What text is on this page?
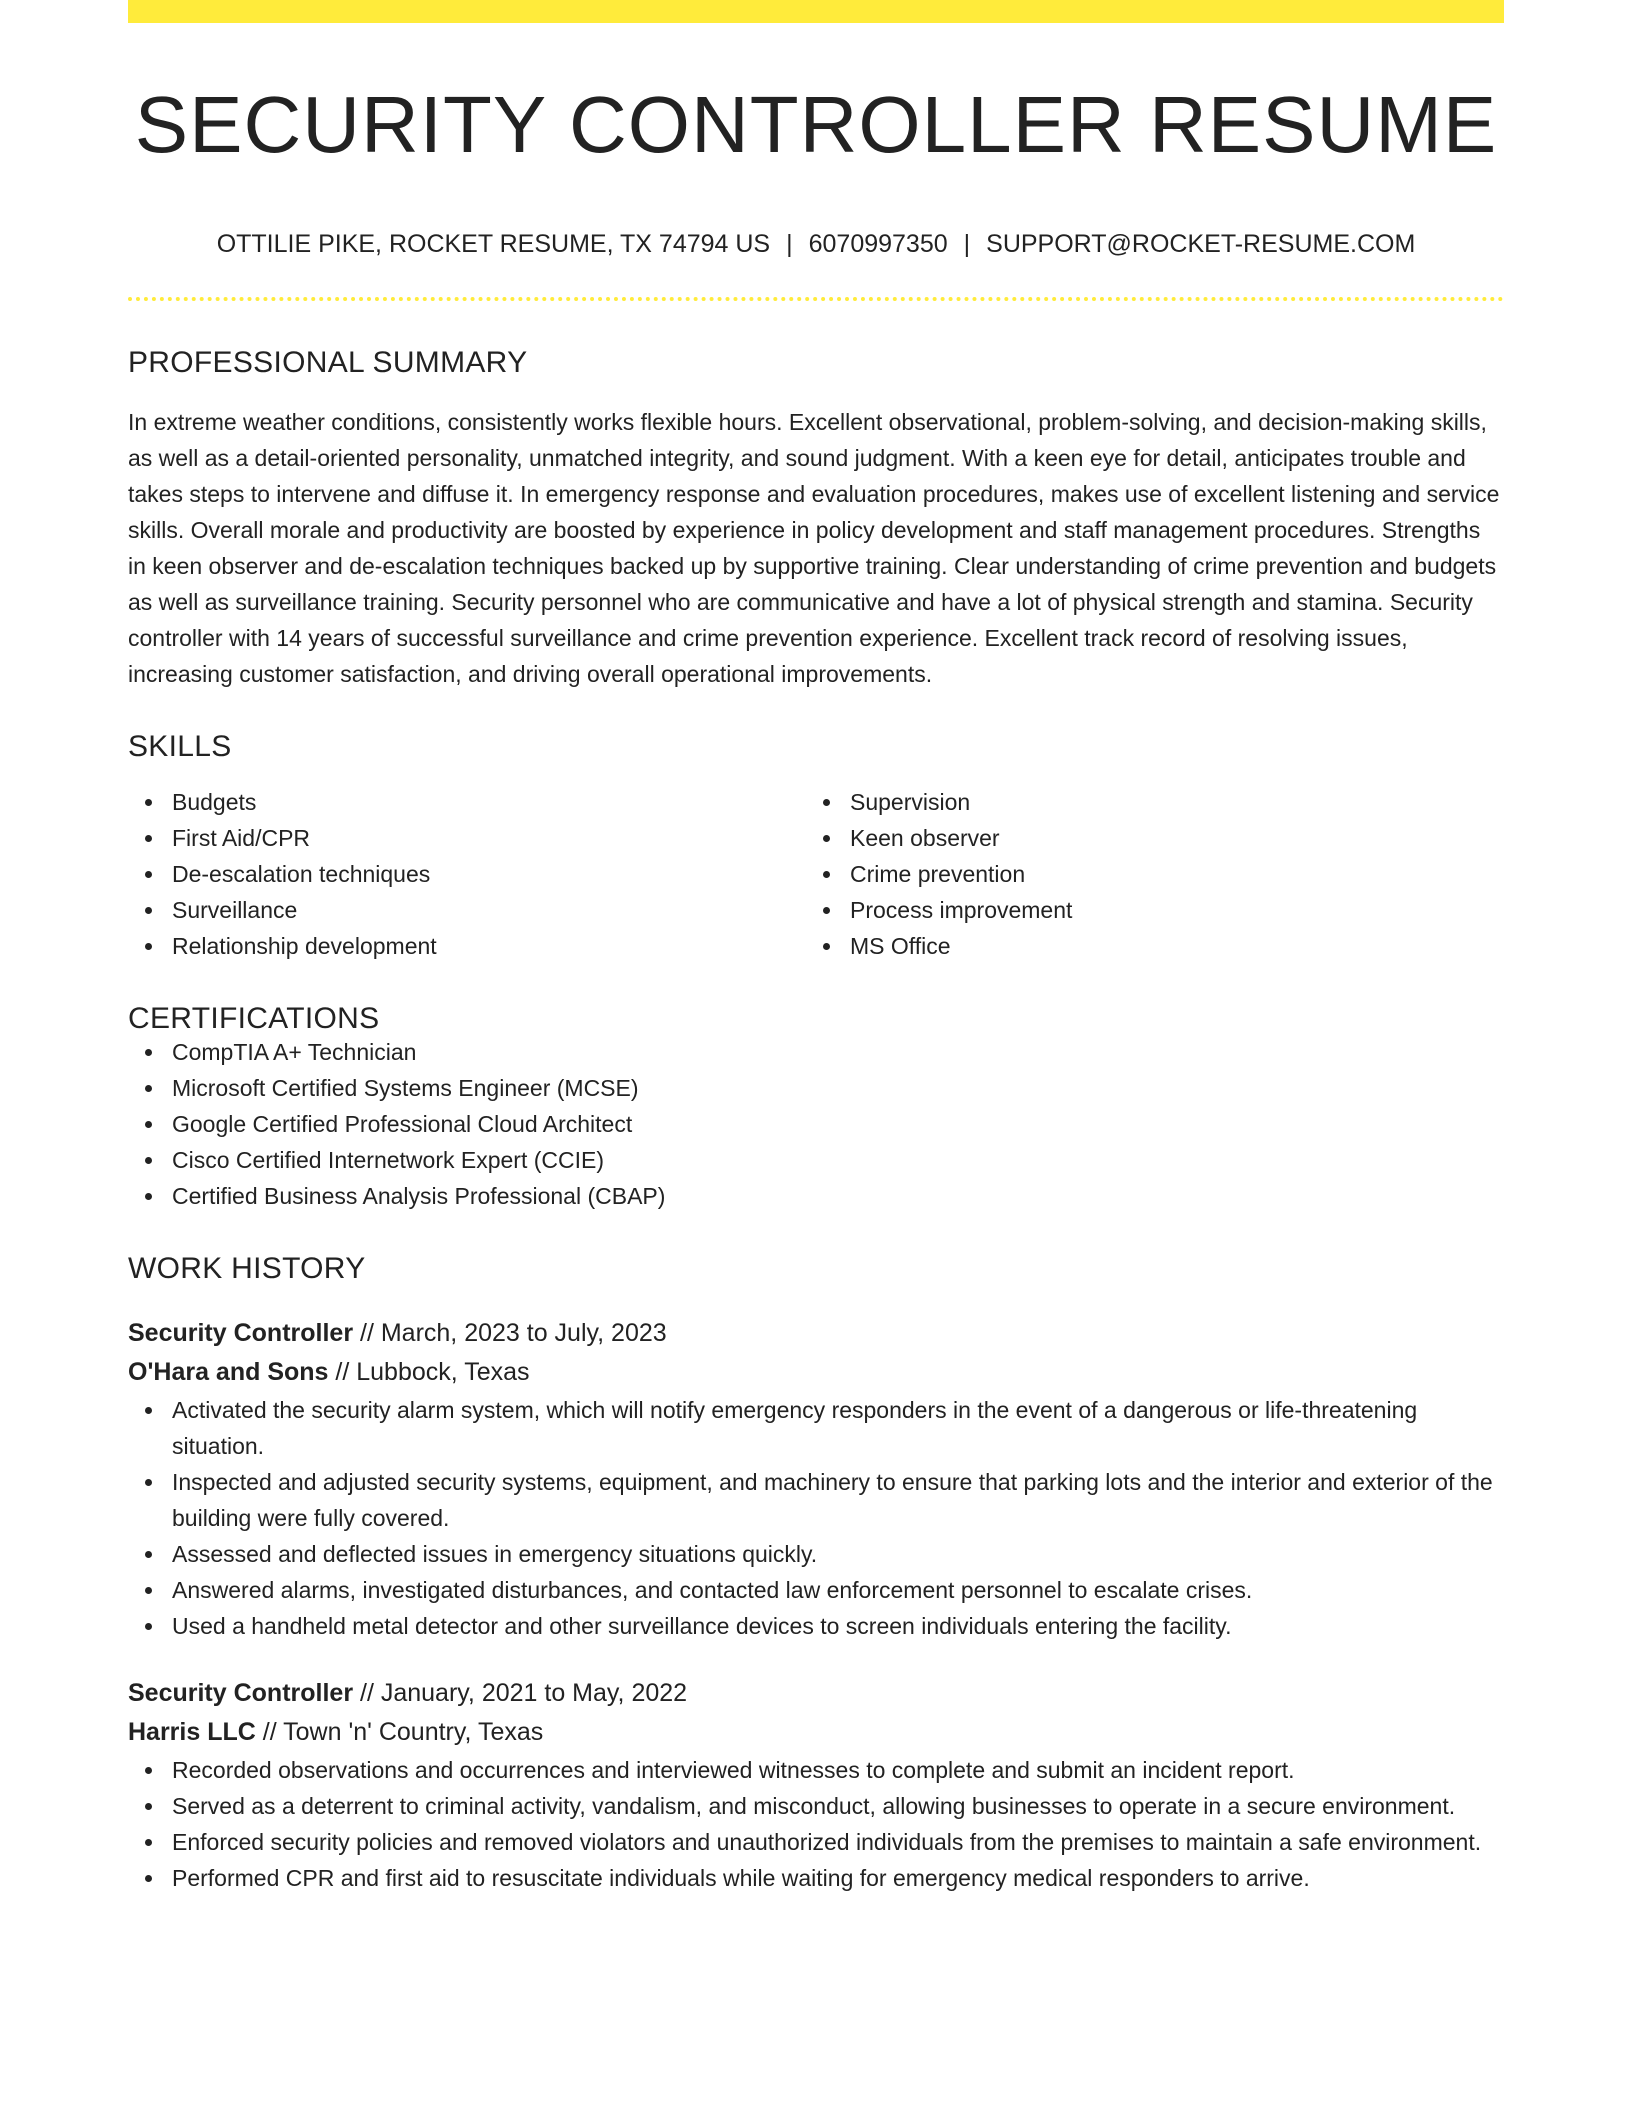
SECURITY CONTROLLER RESUME
OTTILIE PIKE, ROCKET RESUME, TX 74794 US | 6070997350 | SUPPORT@ROCKET-RESUME.COM
PROFESSIONAL SUMMARY
In extreme weather conditions, consistently works flexible hours. Excellent observational, problem-solving, and decision-making skills, as well as a detail-oriented personality, unmatched integrity, and sound judgment. With a keen eye for detail, anticipates trouble and takes steps to intervene and diffuse it. In emergency response and evaluation procedures, makes use of excellent listening and service skills. Overall morale and productivity are boosted by experience in policy development and staff management procedures. Strengths in keen observer and de-escalation techniques backed up by supportive training. Clear understanding of crime prevention and budgets as well as surveillance training. Security personnel who are communicative and have a lot of physical strength and stamina. Security controller with 14 years of successful surveillance and crime prevention experience. Excellent track record of resolving issues, increasing customer satisfaction, and driving overall operational improvements.
SKILLS
Budgets
First Aid/CPR
De-escalation techniques
Surveillance
Relationship development
Supervision
Keen observer
Crime prevention
Process improvement
MS Office
CERTIFICATIONS
CompTIA A+ Technician
Microsoft Certified Systems Engineer (MCSE)
Google Certified Professional Cloud Architect
Cisco Certified Internetwork Expert (CCIE)
Certified Business Analysis Professional (CBAP)
WORK HISTORY
Security Controller // March, 2023 to July, 2023
O'Hara and Sons // Lubbock, Texas
Activated the security alarm system, which will notify emergency responders in the event of a dangerous or life-threatening situation.
Inspected and adjusted security systems, equipment, and machinery to ensure that parking lots and the interior and exterior of the building were fully covered.
Assessed and deflected issues in emergency situations quickly.
Answered alarms, investigated disturbances, and contacted law enforcement personnel to escalate crises.
Used a handheld metal detector and other surveillance devices to screen individuals entering the facility.
Security Controller // January, 2021 to May, 2022
Harris LLC // Town 'n' Country, Texas
Recorded observations and occurrences and interviewed witnesses to complete and submit an incident report.
Served as a deterrent to criminal activity, vandalism, and misconduct, allowing businesses to operate in a secure environment.
Enforced security policies and removed violators and unauthorized individuals from the premises to maintain a safe environment.
Performed CPR and first aid to resuscitate individuals while waiting for emergency medical responders to arrive.
